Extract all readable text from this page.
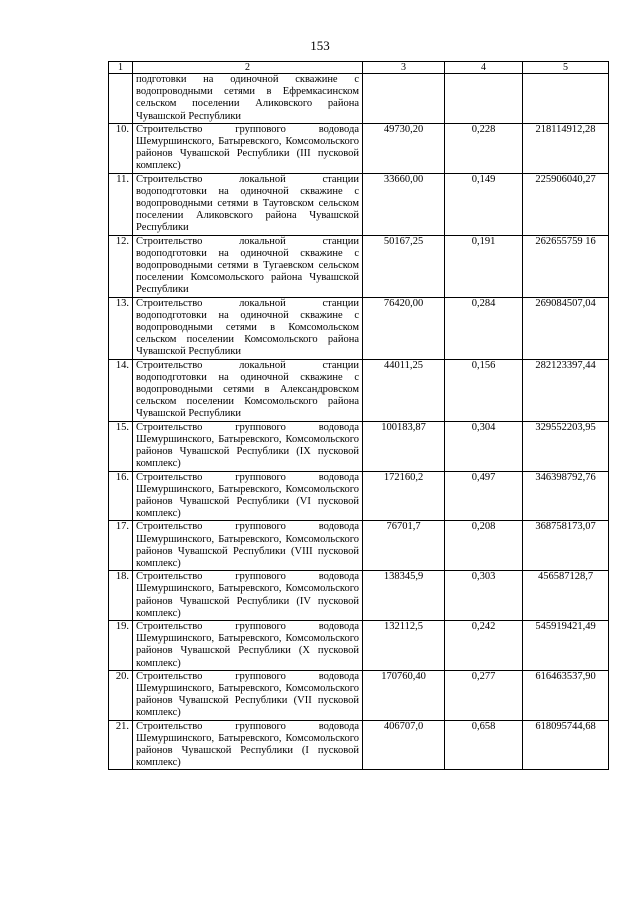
153
1	2	3	4	5
	подготовки на одиночной скважине с водопроводными сетями в Ефремкасинском сельском поселении Аликовского района Чувашской Республики			
10.	Строительство группового водовода Шемуршинского, Батыревского, Комсомольского районов Чувашской Республики (III пусковой комплекс)	49730,20	0,228	218114912,28
11.	Строительство локальной станции водоподготовки на одиночной скважине с водопроводными сетями в Таутовском сельском поселении Аликовского района Чувашской Республики	33660,00	0,149	225906040,27
12.	Строительство локальной станции водоподготовки на одиночной скважине с водопроводными сетями в Тугаевском сельском поселении Комсомольского района Чувашской Республики	50167,25	0,191	262655759 16
13.	Строительство локальной станции водоподготовки на одиночной скважине с водопроводными сетями в Комсомольском сельском поселении Комсомольского района Чувашской Республики	76420,00	0,284	269084507,04
14.	Строительство локальной станции водоподготовки на одиночной скважине с водопроводными сетями в Александровском сельском поселении Комсомольского района Чувашской Республики	44011,25	0,156	282123397,44
15.	Строительство группового водовода Шемуршинского, Батыревского, Комсомольского районов Чувашской Республики (IX пусковой комплекс)	100183,87	0,304	329552203,95
16.	Строительство группового водовода Шемуршинского, Батыревского, Комсомольского районов Чувашской Республики (VI пусковой комплекс)	172160,2	0,497	346398792,76
17.	Строительство группового водовода Шемуршинского, Батыревского, Комсомольского районов Чувашской Республики (VIII пусковой комплекс)	76701,7	0,208	368758173,07
18.	Строительство группового водовода Шемуршинского, Батыревского, Комсомольского районов Чувашской Республики (IV пусковой комплекс)	138345,9	0,303	456587128,7
19.	Строительство группового водовода Шемуршинского, Батыревского, Комсомольского районов Чувашской Республики (X пусковой комплекс)	132112,5	0,242	545919421,49
20.	Строительство группового водовода Шемуршинского, Батыревского, Комсомольского районов Чувашской Республики (VII пусковой комплекс)	170760,40	0,277	616463537,90
21.	Строительство группового водовода Шемуршинского, Батыревского, Комсомольского районов Чувашской Республики (I пусковой комплекс)	406707,0	0,658	618095744,68
